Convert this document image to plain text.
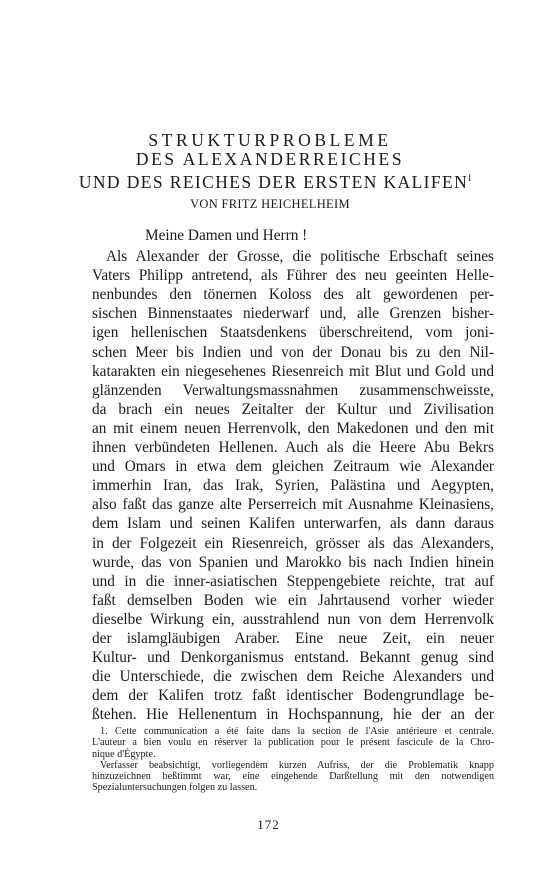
STRUKTURPROBLEME
DES ALEXANDERREICHES
UND DES REICHES DER ERSTEN $KALIFEN^I$
VON FRITZ HEICHELHEIM
Meine Damen und Herrn !
Als Alexander der Grosse, die politische Erbschaft seines
Vaters Philipp antretend, als Führer des neu geeinten Helle-
nenbundes den tönernen Koloss des alt gewordenen per-
sischen Binnenstaates niederwarf und, alle Grenzen bisher-
igen hellenischen Staatsdenkens überschreitend, vom joni-
schen Meer bis Indien und von der Donau bis zu den Nil-
katarakten ein niegesehenes Riesenreich mit Blut und Gold und
glänzenden Verwaltungsmassnahmen zusammenschweisste,
da brach ein neues Zeitalter der Kultur und Zivilisation
an mit einem neuen Herrenvolk, den Makedonen und den mit
ihnen verbündeten Hellenen. Auch als die Heere Abu Bekrs
und Omars in etwa dem gleichen Zeitraum wie Alexander
immerhin Iran, das Irak, Syrien, Palästina und Aegypten,
also faßt das ganze alte Perserreich mit Ausnahme Kleinasiens,
dem Islam und seinen Kalifen unterwarfen, als dann daraus
in der Folgezeit ein Riesenreich, grösser als das Alexanders,
wurde, das von Spanien und Marokko bis nach Indien hinein
und in die inner-asiatischen Steppengebiete reichte, trat auf
faßt demselben Boden wie ein Jahrtausend vorher wieder
dieselbe Wirkung ein, ausstrahlend nun von dem Herrenvolk
der islamgläubigen Araber. Eine neue Zeit, ein neuer
Kultur- und Denkorganismus entstand. Bekannt genug sind
die Unterschiede, die zwischen dem Reiche Alexanders und
dem der Kalifen trotz faßt identischer Bodengrundlage be-
ßtehen. Hie Hellenentum in Hochspannung, hie der an der
1. Cette communication a été faite dans la section de l'Asie antérieure et centrale.
L'auteur a bien voulu en réserver la publication pour le présent fascicule de la Chro-
nique d'Égypte.
Verfasser beabsichtigt, vorliegendem kurzen Aufriss, der die Problematik knapp
hinzuzeichnen beßtimmt war, eine eingehende Darßtellung mit den notwendigen
Spezialuntersuchungen folgen zu lassen.
172
